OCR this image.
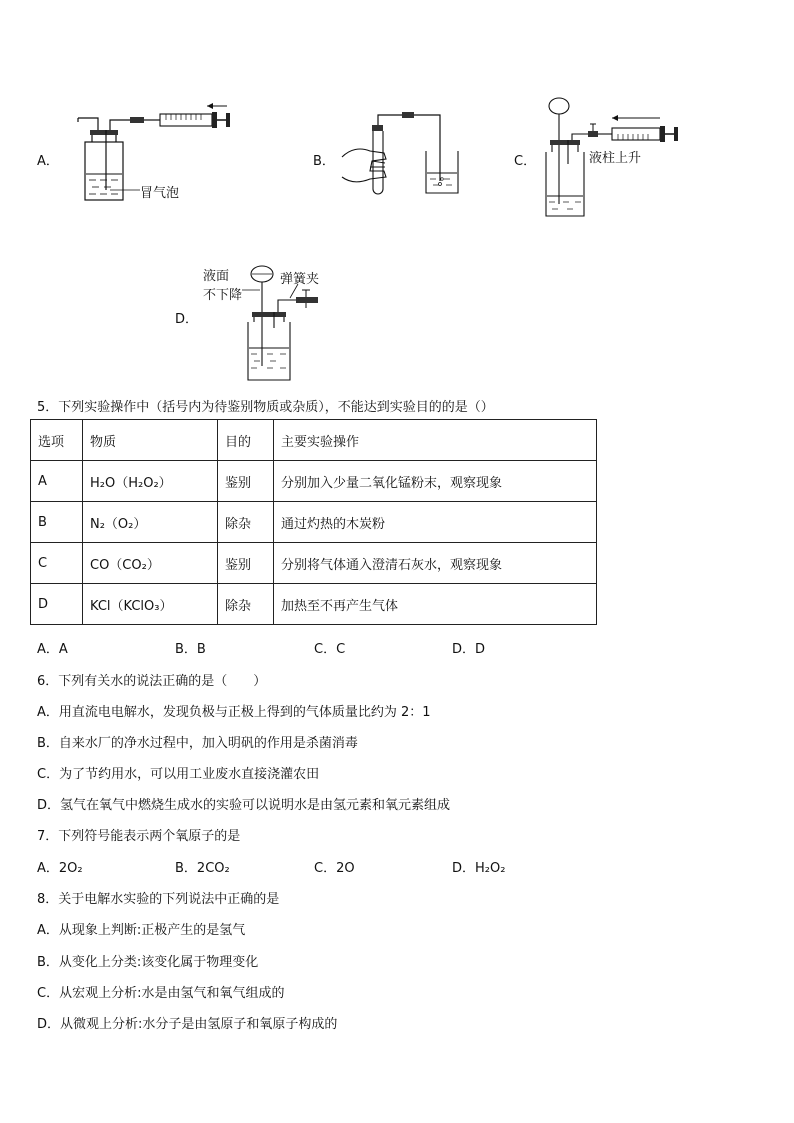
A．
冒气泡
B．	C．	液柱上升
D．
液面
不下降
弹簧夹
5．下列实验操作中（括号内为待鉴别物质或杂质），不能达到实验目的的是（）
选项	物质	目的	主要实验操作
A	H₂O（H₂O₂）	鉴别	分别加入少量二氧化锰粉末，观察现象
B	N₂（O₂）	除杂	通过灼热的木炭粉
C	CO（CO₂）	鉴别	分别将气体通入澄清石灰水，观察现象
D	KCl（KClO₃）	除杂	加热至不再产生气体
A．A	B．B	C．C	D．D
6．下列有关水的说法正确的是（　　）
A．用直流电电解水，发现负极与正极上得到的气体质量比约为 2：1
B．自来水厂的净水过程中，加入明矾的作用是杀菌消毒
C．为了节约用水，可以用工业废水直接浇灌农田
D．氢气在氧气中燃烧生成水的实验可以说明水是由氢元素和氧元素组成
7．下列符号能表示两个氧原子的是
A．2O₂	B．2CO₂	C．2O	D．H₂O₂
8．关于电解水实验的下列说法中正确的是
A．从现象上判断:正极产生的是氢气
B．从变化上分类:该变化属于物理变化
C．从宏观上分析:水是由氢气和氧气组成的
D．从微观上分析:水分子是由氢原子和氧原子构成的
